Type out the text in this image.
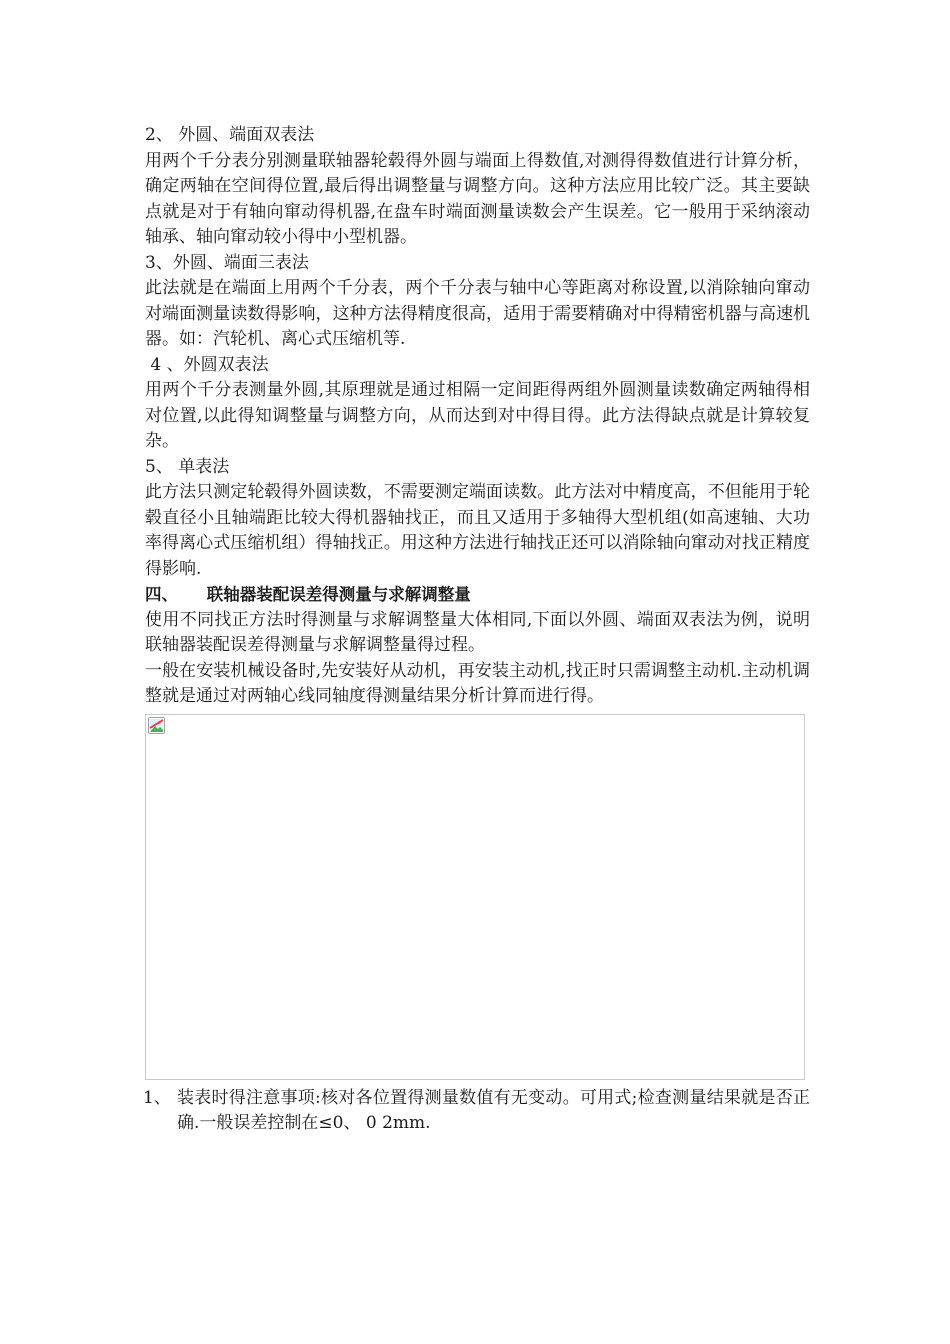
2、 外圆、端面双表法

用两个千分表分别测量联轴器轮毂得外圆与端面上得数值,对测得得数值进行计算分析，确定两轴在空间得位置,最后得出调整量与调整方向。这种方法应用比较广泛。其主要缺点就是对于有轴向窜动得机器,在盘车时端面测量读数会产生误差。它一般用于采纳滚动轴承、轴向窜动较小得中小型机器。

3、外圆、端面三表法

此法就是在端面上用两个千分表，两个千分表与轴中心等距离对称设置,以消除轴向窜动对端面测量读数得影响，这种方法得精度很高，适用于需要精确对中得精密机器与高速机器。如：汽轮机、离心式压缩机等.

4 、外圆双表法

用两个千分表测量外圆,其原理就是通过相隔一定间距得两组外圆测量读数确定两轴得相对位置,以此得知调整量与调整方向，从而达到对中得目得。此方法得缺点就是计算较复杂。

5、 单表法

此方法只测定轮毂得外圆读数，不需要测定端面读数。此方法对中精度高，不但能用于轮毂直径小且轴端距比较大得机器轴找正，而且又适用于多轴得大型机组(如高速轴、大功率得离心式压缩机组）得轴找正。用这种方法进行轴找正还可以消除轴向窜动对找正精度得影响.

四、     联轴器装配误差得测量与求解调整量

使用不同找正方法时得测量与求解调整量大体相同,下面以外圆、端面双表法为例，说明联轴器装配误差得测量与求解调整量得过程。

一般在安装机械设备时,先安装好从动机，再安装主动机,找正时只需调整主动机.主动机调整就是通过对两轴心线同轴度得测量结果分析计算而进行得。

1、 装表时得注意事项:核对各位置得测量数值有无变动。可用式;检查测量结果就是否正确.一般误差控制在≤0、 0 2mm.
